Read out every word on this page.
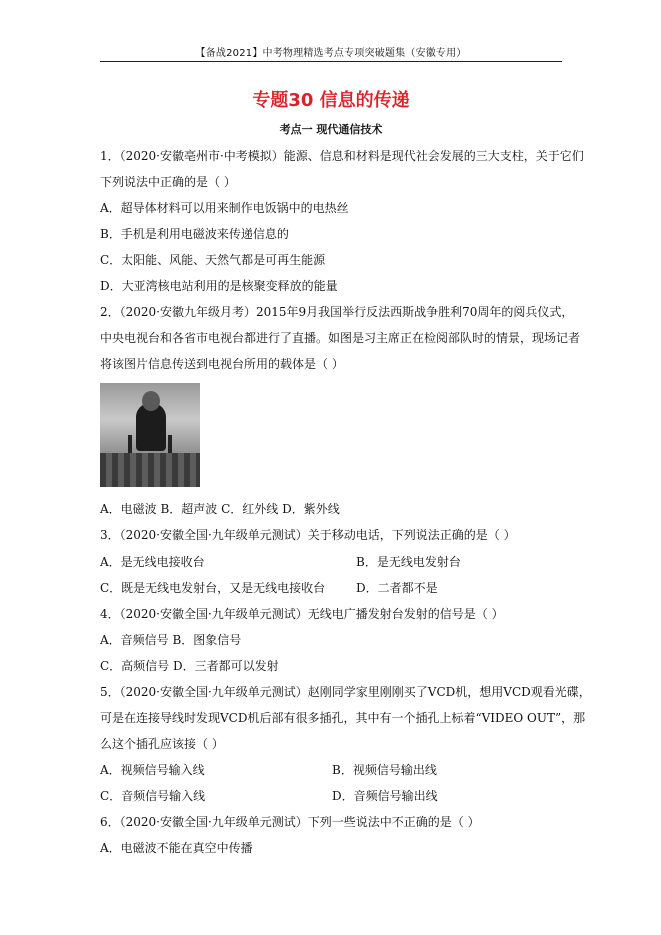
【备战2021】中考物理精选考点专项突破题集（安徽专用）
专题30 信息的传递
考点一 现代通信技术
1．（2020·安徽亳州市·中考模拟）能源、信息和材料是现代社会发展的三大支柱，关于它们
下列说法中正确的是（ ）
A．超导体材料可以用来制作电饭锅中的电热丝
B．手机是利用电磁波来传递信息的
C．太阳能、风能、天然气都是可再生能源
D．大亚湾核电站利用的是核聚变释放的能量
2．（2020·安徽九年级月考）2015年9月我国举行反法西斯战争胜利70周年的阅兵仪式，
中央电视台和各省市电视台都进行了直播。如图是习主席正在检阅部队时的情景，现场记者
将该图片信息传送到电视台所用的载体是（ ）
A．电磁波 B．超声波 C．红外线 D．紫外线
3．（2020·安徽全国·九年级单元测试）关于移动电话，下列说法正确的是（ ）
A．是无线电接收台	B．是无线电发射台
C．既是无线电发射台，又是无线电接收台	D．二者都不是
4．（2020·安徽全国·九年级单元测试）无线电广播发射台发射的信号是（ ）
A．音频信号 B．图象信号
C．高频信号 D．三者都可以发射
5．（2020·安徽全国·九年级单元测试）赵刚同学家里刚刚买了VCD机，想用VCD观看光碟，
可是在连接导线时发现VCD机后部有很多插孔，其中有一个插孔上标着“VIDEO OUT”，那
么这个插孔应该接（ ）
A．视频信号输入线	B．视频信号输出线
C．音频信号输入线	D．音频信号输出线
6．（2020·安徽全国·九年级单元测试）下列一些说法中不正确的是（ ）
A．电磁波不能在真空中传播
